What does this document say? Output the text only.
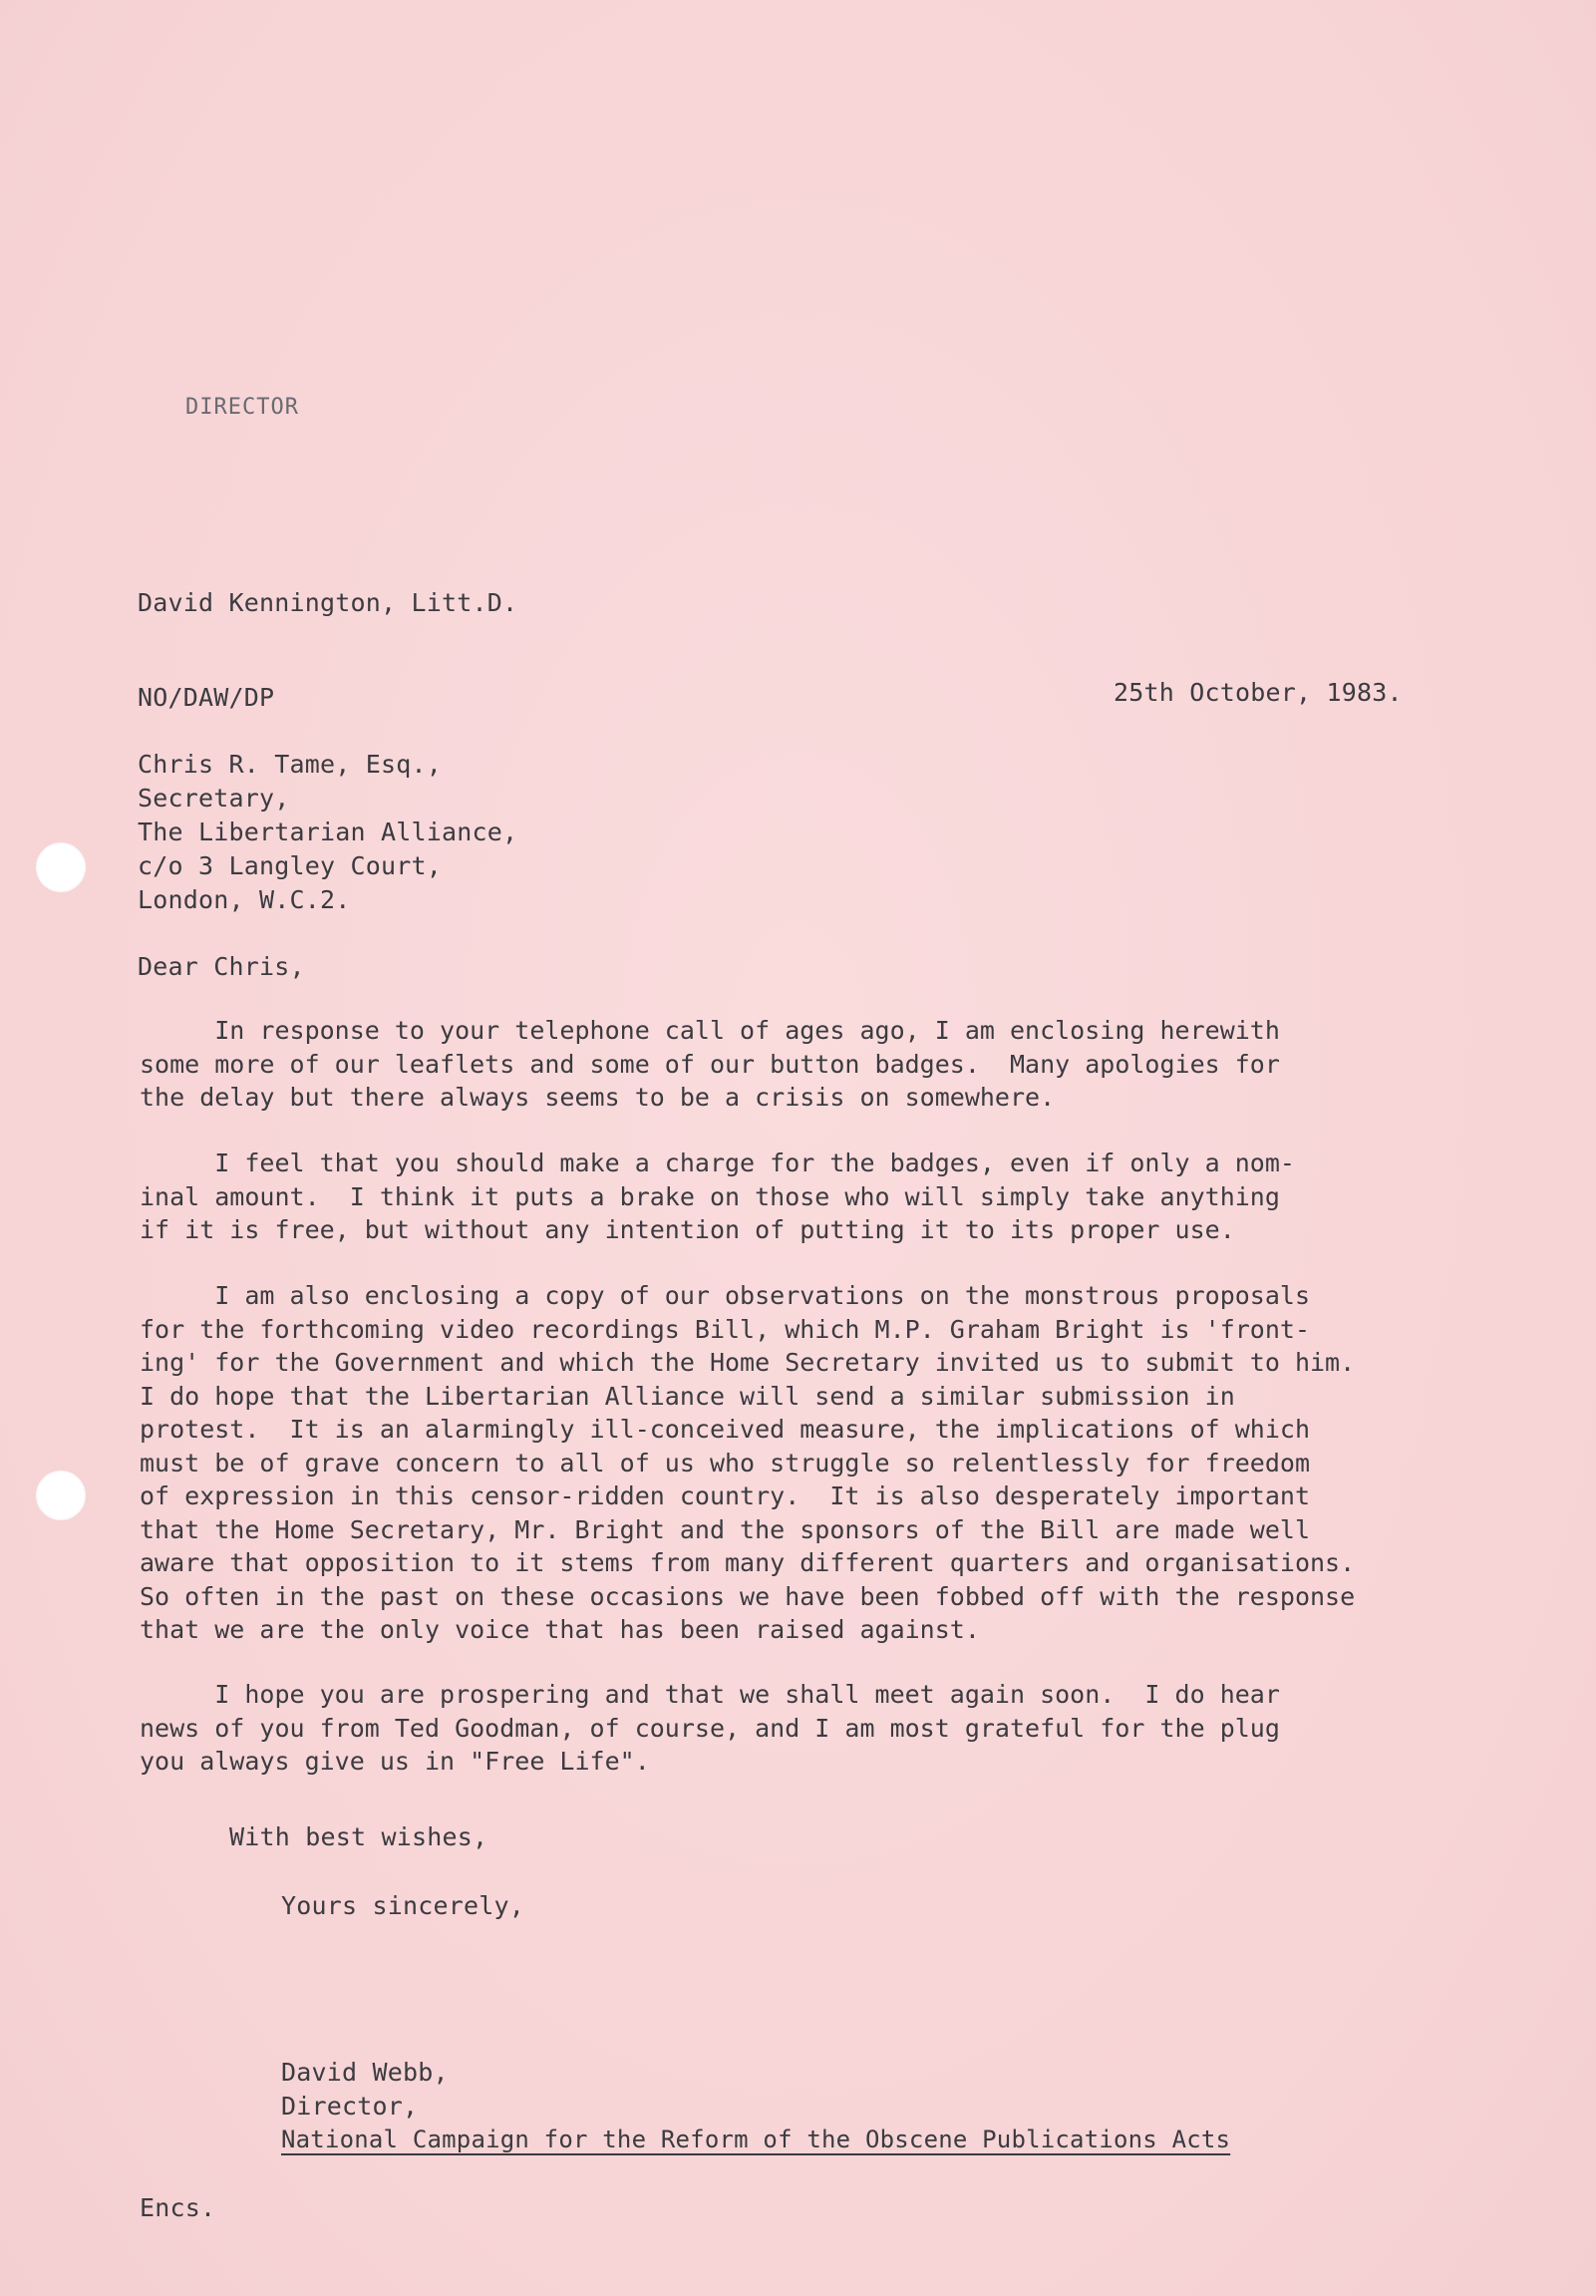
DIRECTOR
David Kennington, Litt.D.
NO/DAW/DP	25th October, 1983.
Chris R. Tame, Esq.,
Secretary,
The Libertarian Alliance,
c/o 3 Langley Court,
London, W.C.2.
Dear Chris,
In response to your telephone call of ages ago, I am enclosing herewith
some more of our leaflets and some of our button badges.  Many apologies for
the delay but there always seems to be a crisis on somewhere.
I feel that you should make a charge for the badges, even if only a nom-
inal amount.  I think it puts a brake on those who will simply take anything
if it is free, but without any intention of putting it to its proper use.
I am also enclosing a copy of our observations on the monstrous proposals
for the forthcoming video recordings Bill, which M.P. Graham Bright is 'front-
ing' for the Government and which the Home Secretary invited us to submit to him.
I do hope that the Libertarian Alliance will send a similar submission in
protest.  It is an alarmingly ill-conceived measure, the implications of which
must be of grave concern to all of us who struggle so relentlessly for freedom
of expression in this censor-ridden country.  It is also desperately important
that the Home Secretary, Mr. Bright and the sponsors of the Bill are made well
aware that opposition to it stems from many different quarters and organisations.
So often in the past on these occasions we have been fobbed off with the response
that we are the only voice that has been raised against.
I hope you are prospering and that we shall meet again soon.  I do hear
news of you from Ted Goodman, of course, and I am most grateful for the plug
you always give us in "Free Life".
With best wishes,
Yours sincerely,
David Webb,
Director,
National Campaign for the Reform of the Obscene Publications Acts
Encs.
